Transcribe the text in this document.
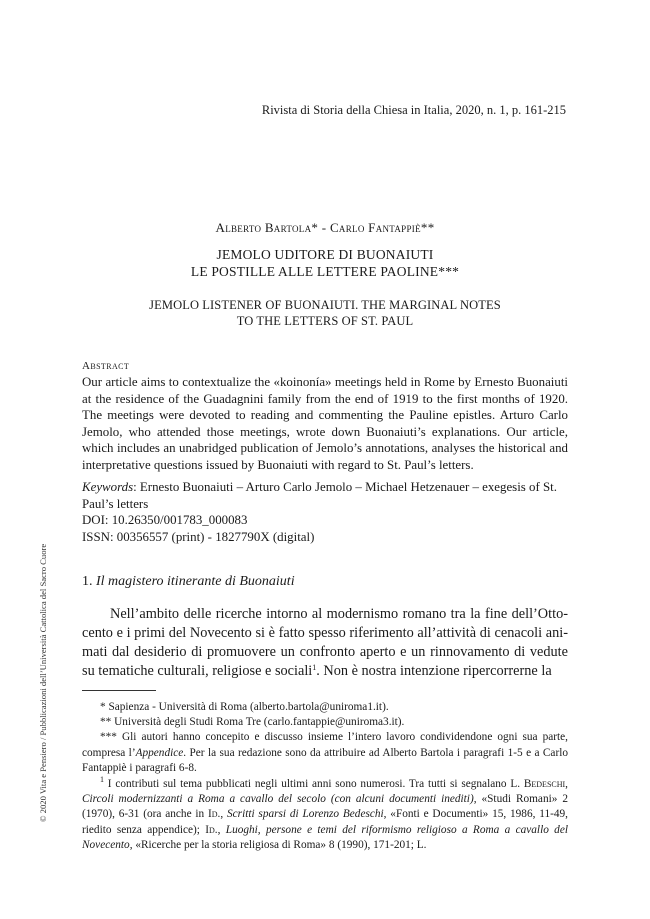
Rivista di Storia della Chiesa in Italia, 2020, n. 1, p. 161-215
© 2020 Vita e Pensiero / Pubblicazioni dell’Università Cattolica del Sacro Cuore
Alberto Bartola* - Carlo Fantappiè**
JEMOLO UDITORE DI BUONAIUTI
LE POSTILLE ALLE LETTERE PAOLINE***
JEMOLO LISTENER OF BUONAIUTI. THE MARGINAL NOTES
TO THE LETTERS OF ST. PAUL
Abstract
Our article aims to contextualize the «koinonía» meetings held in Rome by Ernesto Buonaiuti at the residence of the Guadagnini family from the end of 1919 to the first months of 1920. The meetings were devoted to reading and commenting the Pauline epistles. Arturo Carlo Jemolo, who attended those meetings, wrote down Buonaiuti’s explanations. Our article, which includes an unabridged publication of Jemolo’s annotations, analyses the historical and interpretative questions issued by Buonaiuti with regard to St. Paul’s letters.

Keywords: Ernesto Buonaiuti – Arturo Carlo Jemolo – Michael Hetzenauer – exegesis of St. Paul’s letters

DOI: 10.26350/001783_000083

ISSN: 00356557 (print) - 1827790X (digital)

1. Il magistero itinerante di Buonaiuti
Nell’ambito delle ricerche intorno al modernismo romano tra la fine dell’Ottocento e i primi del Novecento si è fatto spesso riferimento all’attività di cenacoli animati dal desiderio di promuovere un confronto aperto e un rinnovamento di vedute su tematiche culturali, religiose e sociali$^1$. Non è nostra intenzione ripercorrerne la

* Sapienza - Università di Roma (alberto.bartola@uniroma1.it).

** Università degli Studi Roma Tre (carlo.fantappie@uniroma3.it).

*** Gli autori hanno concepito e discusso insieme l’intero lavoro condividendone ogni sua parte, compresa l’Appendice. Per la sua redazione sono da attribuire ad Alberto Bartola i paragrafi 1-5 e a Carlo Fantappiè i paragrafi 6-8.

$^1$ I contributi sul tema pubblicati negli ultimi anni sono numerosi. Tra tutti si segnalano L. Bedeschi, Circoli modernizzanti a Roma a cavallo del secolo (con alcuni documenti inediti), «Studi Romani» 2 (1970), 6-31 (ora anche in Id., Scritti sparsi di Lorenzo Bedeschi, «Fonti e Documenti» 15, 1986, 11-49, riedito senza appendice); Id., Luoghi, persone e temi del riformismo religioso a Roma a cavallo del Novecento, «Ricerche per la storia religiosa di Roma» 8 (1990), 171-201; L.
